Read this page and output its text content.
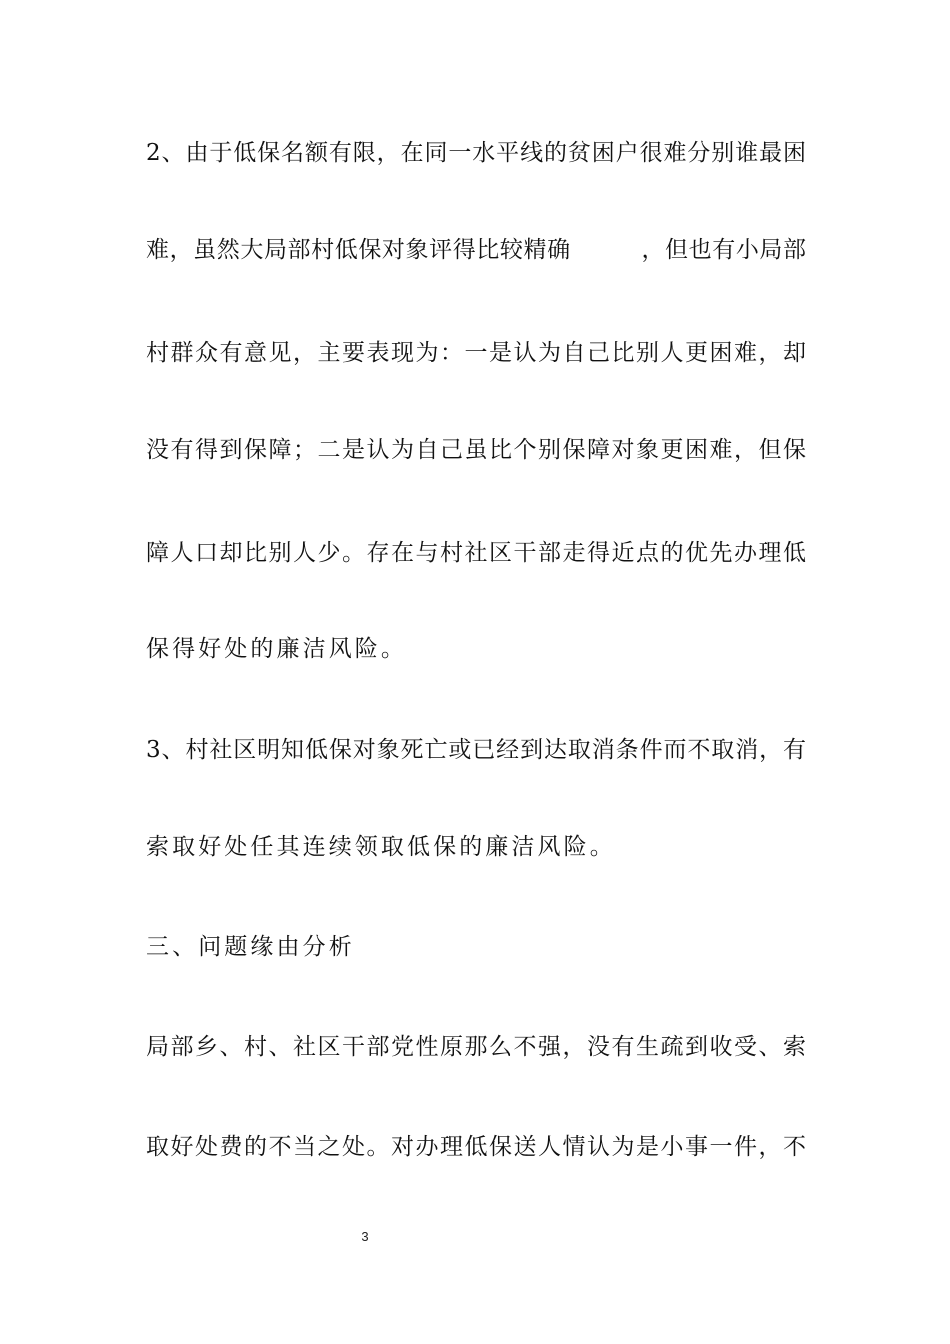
2、由于低保名额有限，在同一水平线的贫困户很难分别谁最困
难，虽然大局部村低保对象评得比较精确　　　，但也有小局部
村群众有意见，主要表现为：一是认为自己比别人更困难，却
没有得到保障；二是认为自己虽比个别保障对象更困难，但保
障人口却比别人少。存在与村社区干部走得近点的优先办理低
保得好处的廉洁风险。
3、村社区明知低保对象死亡或已经到达取消条件而不取消，有
索取好处任其连续领取低保的廉洁风险。
三、问题缘由分析
局部乡、村、社区干部党性原那么不强，没有生疏到收受、索
取好处费的不当之处。对办理低保送人情认为是小事一件，不
3
